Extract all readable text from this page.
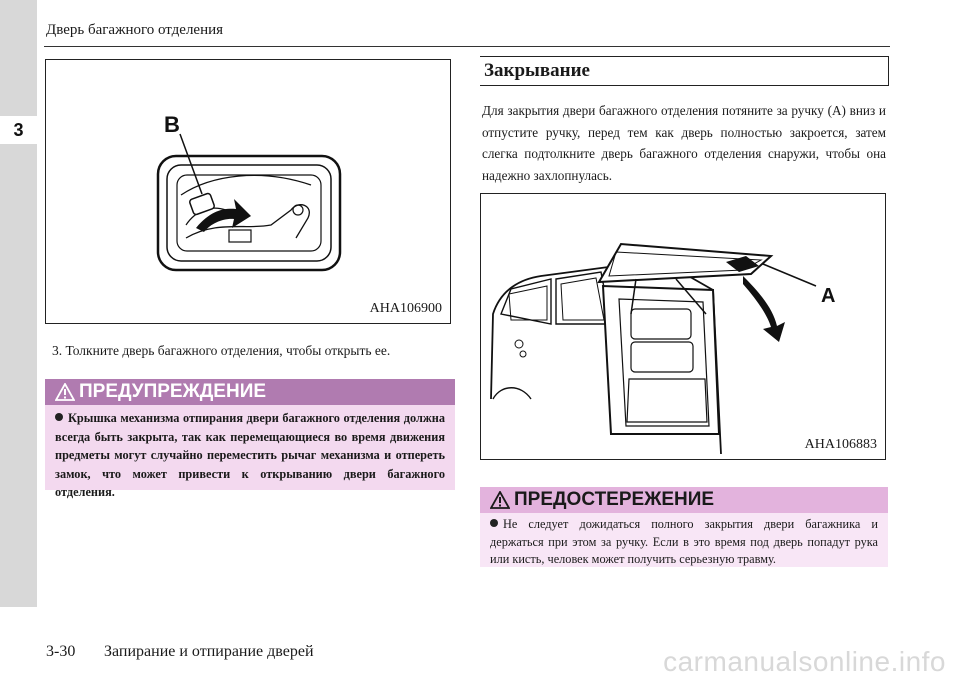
3
Дверь багажного отделения
B
AHA106900
3. Толкните дверь багажного отделения, чтобы открыть ее.
ПРЕДУПРЕЖДЕНИЕ
Крышка механизма отпирания двери багажного отделения должна всегда быть закрыта, так как перемещающиеся во время движения предметы могут случайно переместить рычаг механизма и отпереть замок, что может привести к открыванию двери багажного отделения.
Закрывание
Для закрытия двери багажного отделения потяните за ручку (A) вниз и отпустите ручку, перед тем как дверь полностью закроется, затем слегка подтолкните дверь багажного отделения снаружи, чтобы она надежно захлопнулась.
A
AHA106883
ПРЕДОСТЕРЕЖЕНИЕ
Не следует дожидаться полного закрытия двери багажника и держаться при этом за ручку. Если в это время под дверь попадут рука или кисть, человек может получить серьезную травму.
3-30 Запирание и отпирание дверей	carmanualsonline.info
